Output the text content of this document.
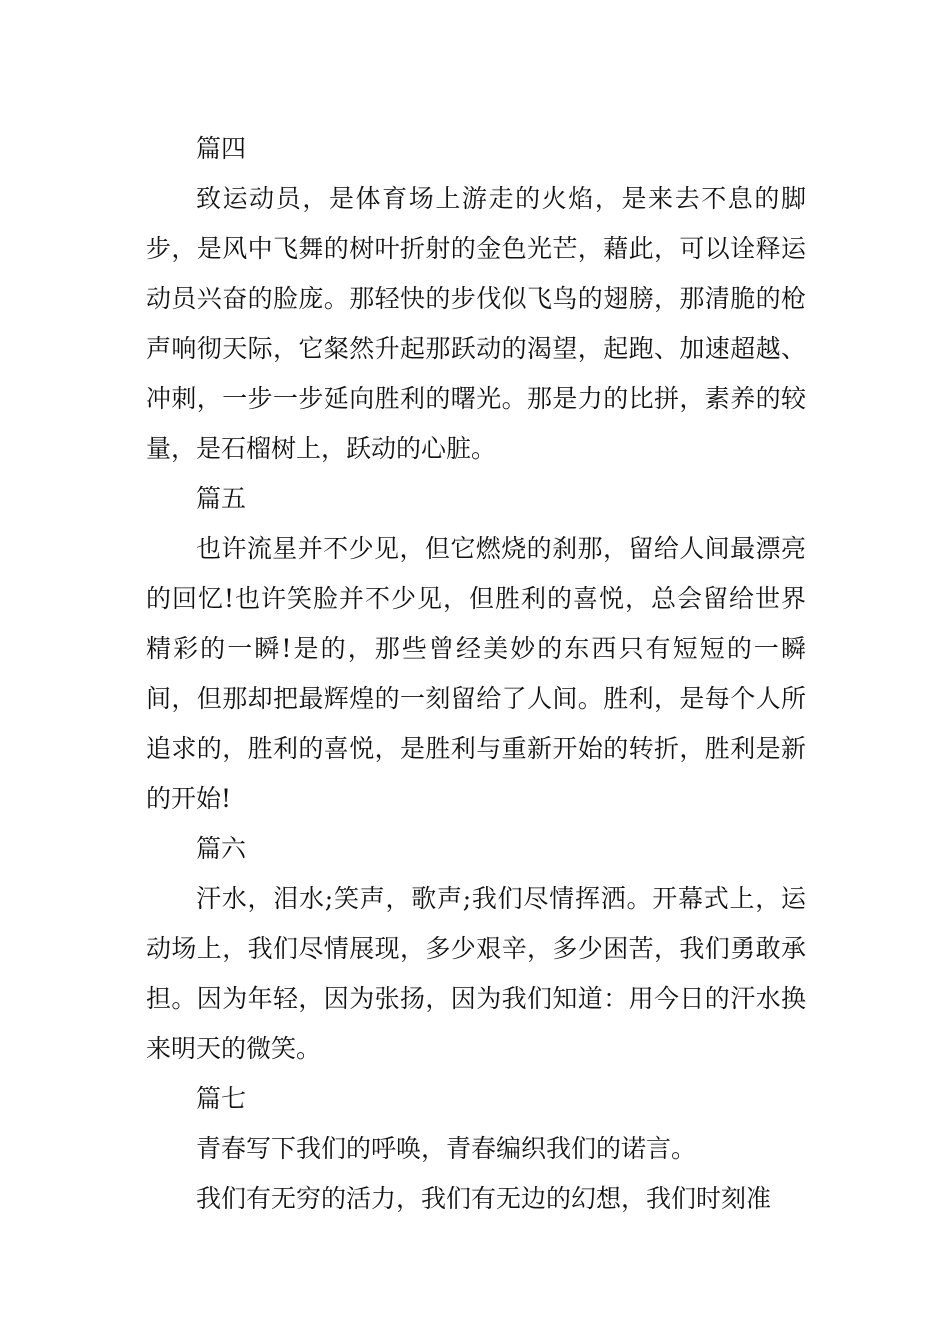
篇四

致运动员，是体育场上游走的火焰，是来去不息的脚步，是风中飞舞的树叶折射的金色光芒，藉此，可以诠释运动员兴奋的脸庞。那轻快的步伐似飞鸟的翅膀，那清脆的枪声响彻天际，它粲然升起那跃动的渴望，起跑、加速超越、冲刺，一步一步延向胜利的曙光。那是力的比拼，素养的较量，是石榴树上，跃动的心脏。

篇五

也许流星并不少见，但它燃烧的刹那，留给人间最漂亮的回忆!也许笑脸并不少见，但胜利的喜悦，总会留给世界精彩的一瞬!是的，那些曾经美妙的东西只有短短的一瞬间，但那却把最辉煌的一刻留给了人间。胜利，是每个人所追求的，胜利的喜悦，是胜利与重新开始的转折，胜利是新的开始!

篇六

汗水，泪水;笑声，歌声;我们尽情挥洒。开幕式上，运动场上，我们尽情展现，多少艰辛，多少困苦，我们勇敢承担。因为年轻，因为张扬，因为我们知道：用今日的汗水换来明天的微笑。

篇七

青春写下我们的呼唤，青春编织我们的诺言。

我们有无穷的活力，我们有无边的幻想，我们时刻准
